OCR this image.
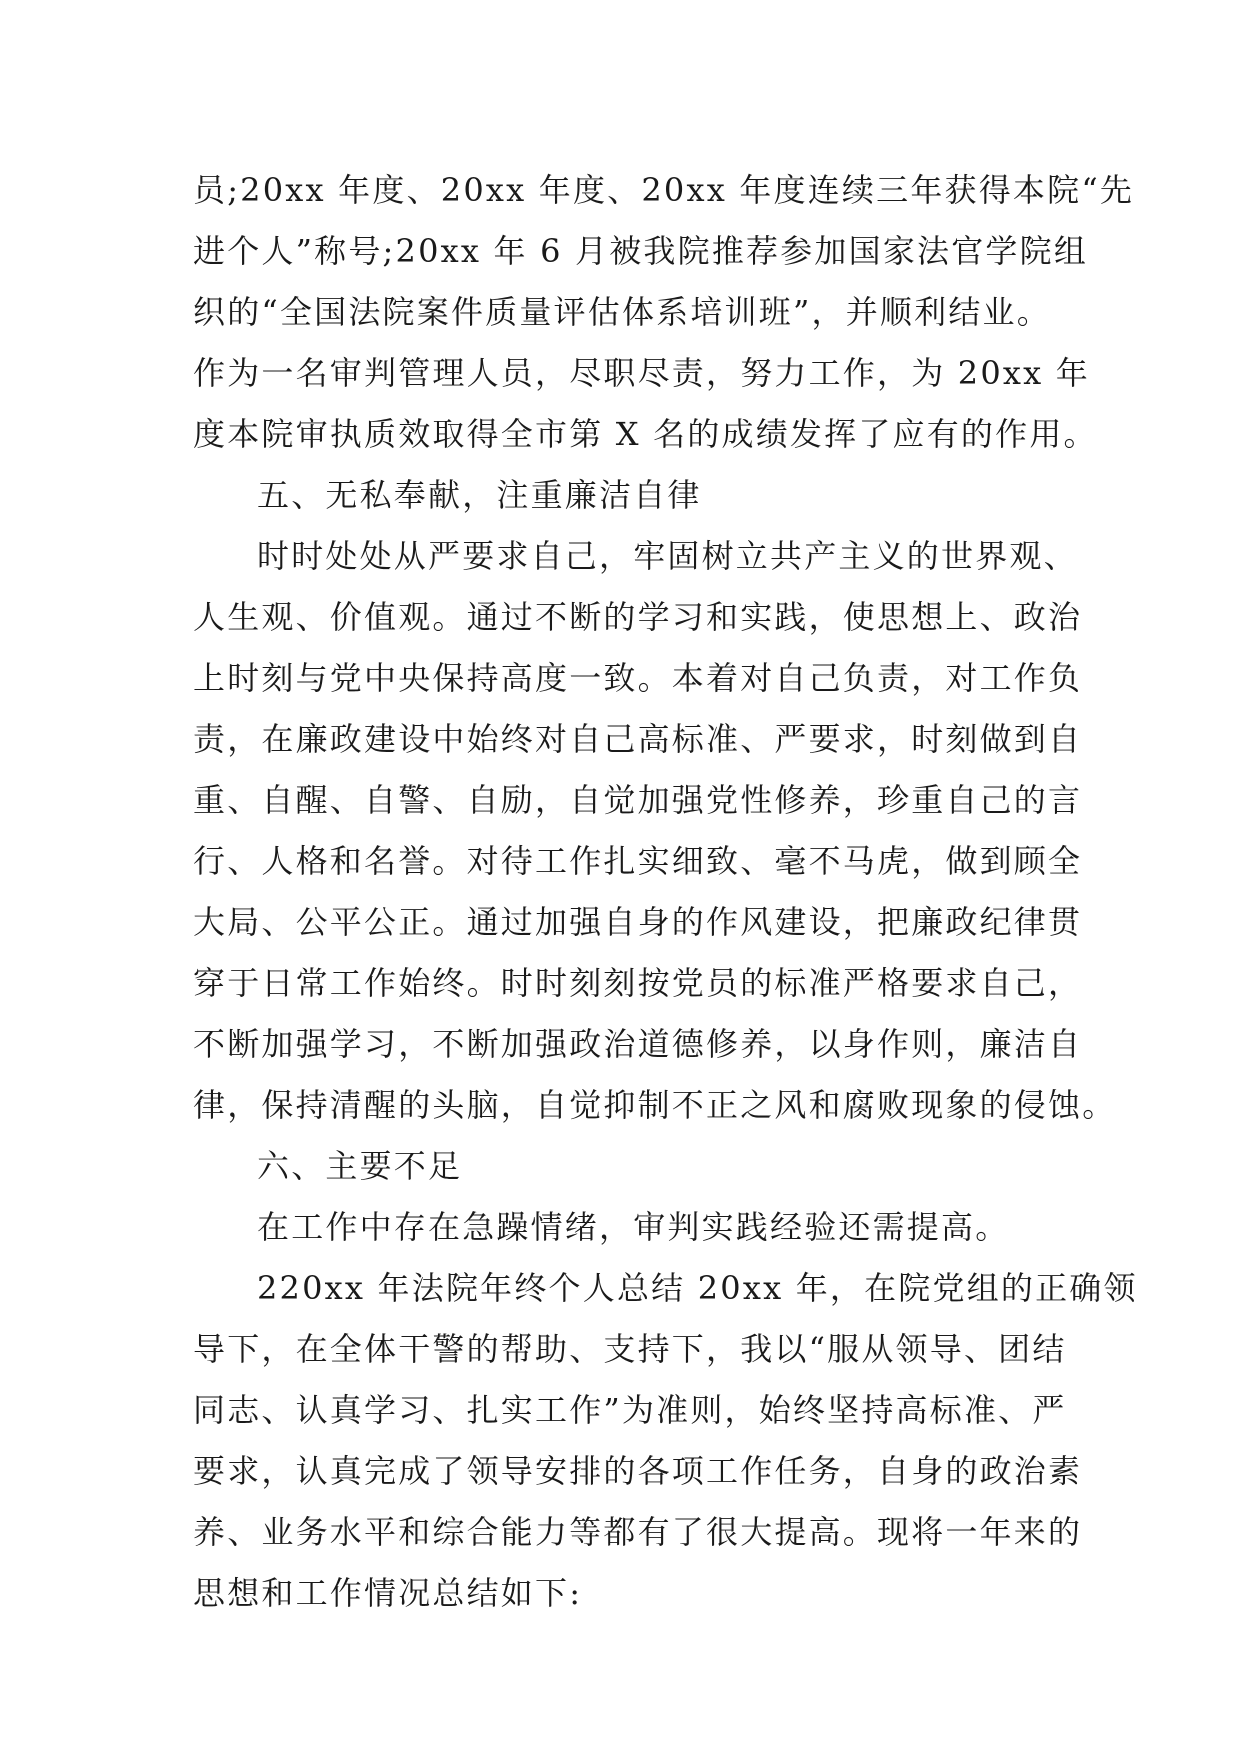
员;20xx 年度、20xx 年度、20xx 年度连续三年获得本院“先
进个人”称号;20xx 年 6 月被我院推荐参加国家法官学院组
织的“全国法院案件质量评估体系培训班”，并顺利结业。
作为一名审判管理人员，尽职尽责，努力工作，为 20xx 年
度本院审执质效取得全市第 X 名的成绩发挥了应有的作用。
五、无私奉献，注重廉洁自律
时时处处从严要求自己，牢固树立共产主义的世界观、
人生观、价值观。通过不断的学习和实践，使思想上、政治
上时刻与党中央保持高度一致。本着对自己负责，对工作负
责，在廉政建设中始终对自己高标准、严要求，时刻做到自
重、自醒、自警、自励，自觉加强党性修养，珍重自己的言
行、人格和名誉。对待工作扎实细致、毫不马虎，做到顾全
大局、公平公正。通过加强自身的作风建设，把廉政纪律贯
穿于日常工作始终。时时刻刻按党员的标准严格要求自己，
不断加强学习，不断加强政治道德修养，以身作则，廉洁自
律，保持清醒的头脑，自觉抑制不正之风和腐败现象的侵蚀。
六、主要不足
在工作中存在急躁情绪，审判实践经验还需提高。
220xx 年法院年终个人总结 20xx 年，在院党组的正确领
导下，在全体干警的帮助、支持下，我以“服从领导、团结
同志、认真学习、扎实工作”为准则，始终坚持高标准、严
要求，认真完成了领导安排的各项工作任务，自身的政治素
养、业务水平和综合能力等都有了很大提高。现将一年来的
思想和工作情况总结如下:
